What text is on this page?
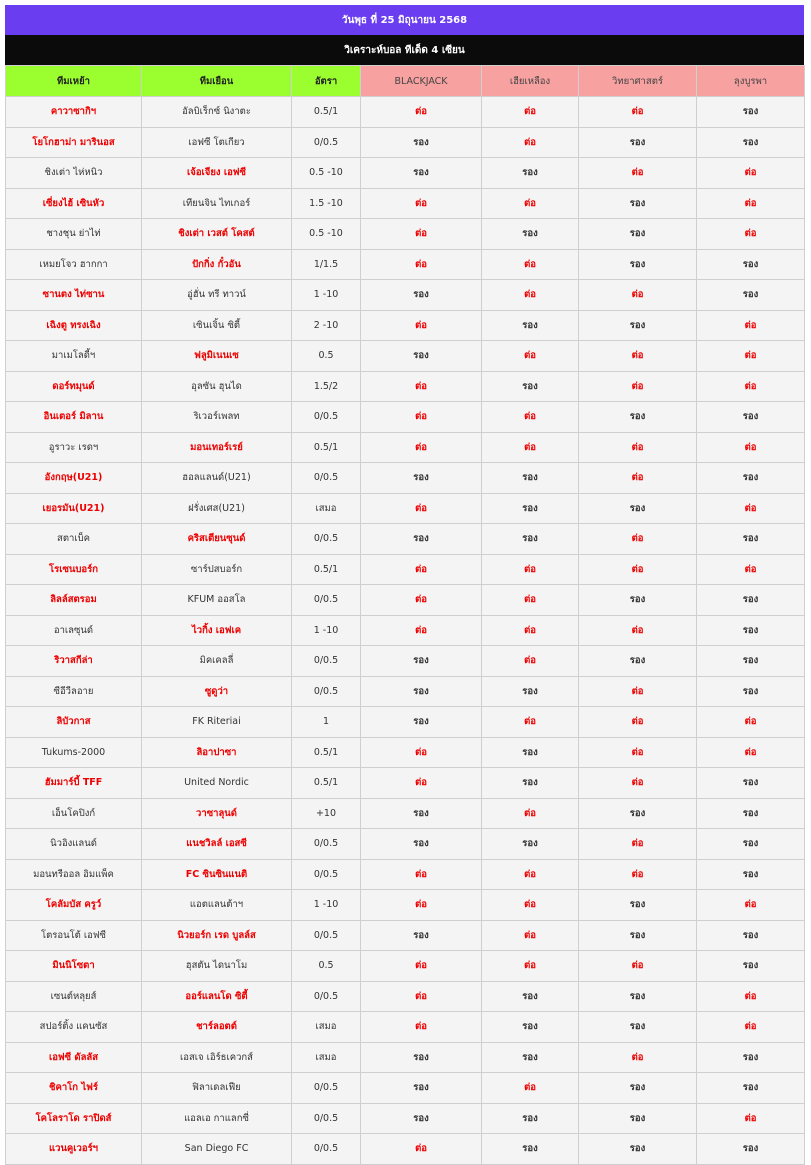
วันพุธ ที่ 25 มิถุนายน 2568
วิเคราะห์บอล ทีเด็ด 4 เซียน
ทีมเหย้า	ทีมเยือน	อัตรา	BLACKJACK	เฮียเหลือง	วิทยาศาสตร์	ลุงบูรพา
คาวาซากิฯ	อัลบิเร็กซ์ นิงาตะ	0.5/1	ต่อ	ต่อ	ต่อ	รอง
โยโกฮาม่า มารินอส	เอฟซี โตเกียว	0/0.5	รอง	ต่อ	รอง	รอง
ชิงเต่า ไห่หนิว	เจ้อเจียง เอฟซี	0.5 -10	รอง	รอง	ต่อ	ต่อ
เซี่ยงไฮ้ เซินหัว	เทียนจิน ไทเกอร์	1.5 -10	ต่อ	ต่อ	รอง	ต่อ
ชางชุน ย่าไท่	ชิงเต่า เวสต์ โคสต์	0.5 -10	ต่อ	รอง	รอง	ต่อ
เหมยโจว ฮากกา	ปักกิ่ง กั๋วอัน	1/1.5	ต่อ	ต่อ	รอง	รอง
ซานตง ไท่ซาน	อู่ฮั่น ทรี ทาวน์	1 -10	รอง	ต่อ	ต่อ	รอง
เฉิงตู ทรงเฉิง	เซินเจิ้น ซิตี้	2 -10	ต่อ	รอง	รอง	ต่อ
มาเมโลดี้ฯ	ฟลูมิเนนเซ	0.5	รอง	ต่อ	ต่อ	ต่อ
ดอร์ทมุนด์	อุลซัน ฮุนได	1.5/2	ต่อ	รอง	ต่อ	ต่อ
อินเตอร์ มิลาน	ริเวอร์เพลท	0/0.5	ต่อ	ต่อ	รอง	รอง
อูราวะ เรดฯ	มอนเทอร์เรย์	0.5/1	ต่อ	ต่อ	ต่อ	ต่อ
อังกฤษ(U21)	ฮอลแลนด์(U21)	0/0.5	รอง	รอง	ต่อ	รอง
เยอรมัน(U21)	ฝรั่งเศส(U21)	เสมอ	ต่อ	รอง	รอง	ต่อ
สตาเบ็ค	คริสเตียนซุนด์	0/0.5	รอง	รอง	ต่อ	รอง
โรเซนบอร์ก	ซาร์ปสบอร์ก	0.5/1	ต่อ	ต่อ	ต่อ	ต่อ
ลิลล์สตรอม	KFUM ออสโล	0/0.5	ต่อ	ต่อ	รอง	รอง
อาเลซุนด์	ไวกิ้ง เอฟเค	1 -10	ต่อ	ต่อ	ต่อ	รอง
ริวาสกีล่า	มิคเคลลี่	0/0.5	รอง	ต่อ	รอง	รอง
ซีอีวีลอาย	ซูดูว่า	0/0.5	รอง	รอง	ต่อ	รอง
ลิบัวกาส	FK Riteriai	1	รอง	ต่อ	ต่อ	ต่อ
Tukums-2000	ลิอาปาซา	0.5/1	ต่อ	รอง	ต่อ	ต่อ
ฮัมมาร์บี้ TFF	United Nordic	0.5/1	ต่อ	รอง	ต่อ	รอง
เอ็นโคปิงก์	วาซาลุนด์	+10	รอง	ต่อ	รอง	รอง
นิวอิงแลนด์	แนชวิลล์ เอสซี	0/0.5	รอง	รอง	ต่อ	รอง
มอนทรีออล อิมแพ็ค	FC ซินซินแนติ	0/0.5	ต่อ	ต่อ	ต่อ	รอง
โคลัมบัส ครูว์	แอตแลนต้าฯ	1 -10	ต่อ	ต่อ	รอง	ต่อ
โตรอนโต้ เอฟซี	นิวยอร์ก เรด บูลล์ส	0/0.5	รอง	ต่อ	รอง	รอง
มินนิโซตา	ฮุสตัน ไดนาโม	0.5	ต่อ	ต่อ	ต่อ	รอง
เซนต์หลุยส์	ออร์แลนโด ซิตี้	0/0.5	ต่อ	รอง	รอง	ต่อ
สปอร์ติ้ง แคนซัส	ชาร์ลอตต์	เสมอ	ต่อ	รอง	รอง	ต่อ
เอฟซี ดัลลัส	เอสเจ เอิร์ธเควกส์	เสมอ	รอง	รอง	ต่อ	รอง
ชิคาโก ไฟร์	ฟิลาเดลเฟีย	0/0.5	รอง	ต่อ	รอง	รอง
โคโลราโด ราปิดส์	แอลเอ กาแลกซี่	0/0.5	รอง	รอง	รอง	ต่อ
แวนคูเวอร์ฯ	San Diego FC	0/0.5	ต่อ	รอง	รอง	รอง
